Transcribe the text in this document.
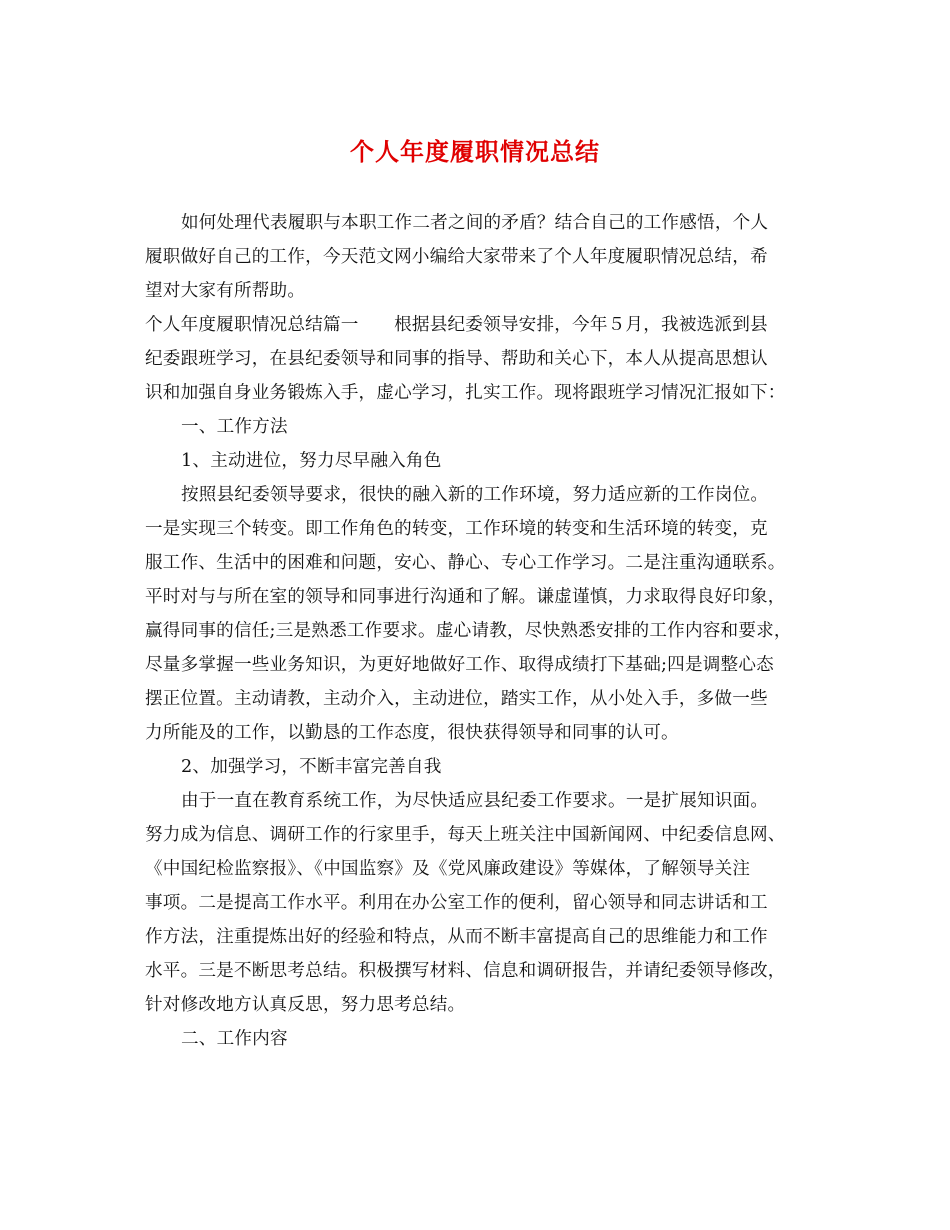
个人年度履职情况总结
如何处理代表履职与本职工作二者之间的矛盾？结合自己的工作感悟，个人
履职做好自己的工作，今天范文网小编给大家带来了个人年度履职情况总结，希
望对大家有所帮助。
个人年度履职情况总结篇一　　根据县纪委领导安排，今年５月，我被选派到县
纪委跟班学习，在县纪委领导和同事的指导、帮助和关心下，本人从提高思想认
识和加强自身业务锻炼入手，虚心学习，扎实工作。现将跟班学习情况汇报如下：
一、工作方法
1、主动进位，努力尽早融入角色
按照县纪委领导要求，很快的融入新的工作环境，努力适应新的工作岗位。
一是实现三个转变。即工作角色的转变，工作环境的转变和生活环境的转变，克
服工作、生活中的困难和问题，安心、静心、专心工作学习。二是注重沟通联系。
平时对与与所在室的领导和同事进行沟通和了解。谦虚谨慎，力求取得良好印象，
赢得同事的信任;三是熟悉工作要求。虚心请教，尽快熟悉安排的工作内容和要求，
尽量多掌握一些业务知识，为更好地做好工作、取得成绩打下基础;四是调整心态
摆正位置。主动请教，主动介入，主动进位，踏实工作，从小处入手，多做一些
力所能及的工作，以勤恳的工作态度，很快获得领导和同事的认可。
2、加强学习，不断丰富完善自我
由于一直在教育系统工作，为尽快适应县纪委工作要求。一是扩展知识面。
努力成为信息、调研工作的行家里手，每天上班关注中国新闻网、中纪委信息网、
《中国纪检监察报》、《中国监察》及《党风廉政建设》等媒体，了解领导关注
事项。二是提高工作水平。利用在办公室工作的便利，留心领导和同志讲话和工
作方法，注重提炼出好的经验和特点，从而不断丰富提高自己的思维能力和工作
水平。三是不断思考总结。积极撰写材料、信息和调研报告，并请纪委领导修改，
针对修改地方认真反思，努力思考总结。
二、工作内容
